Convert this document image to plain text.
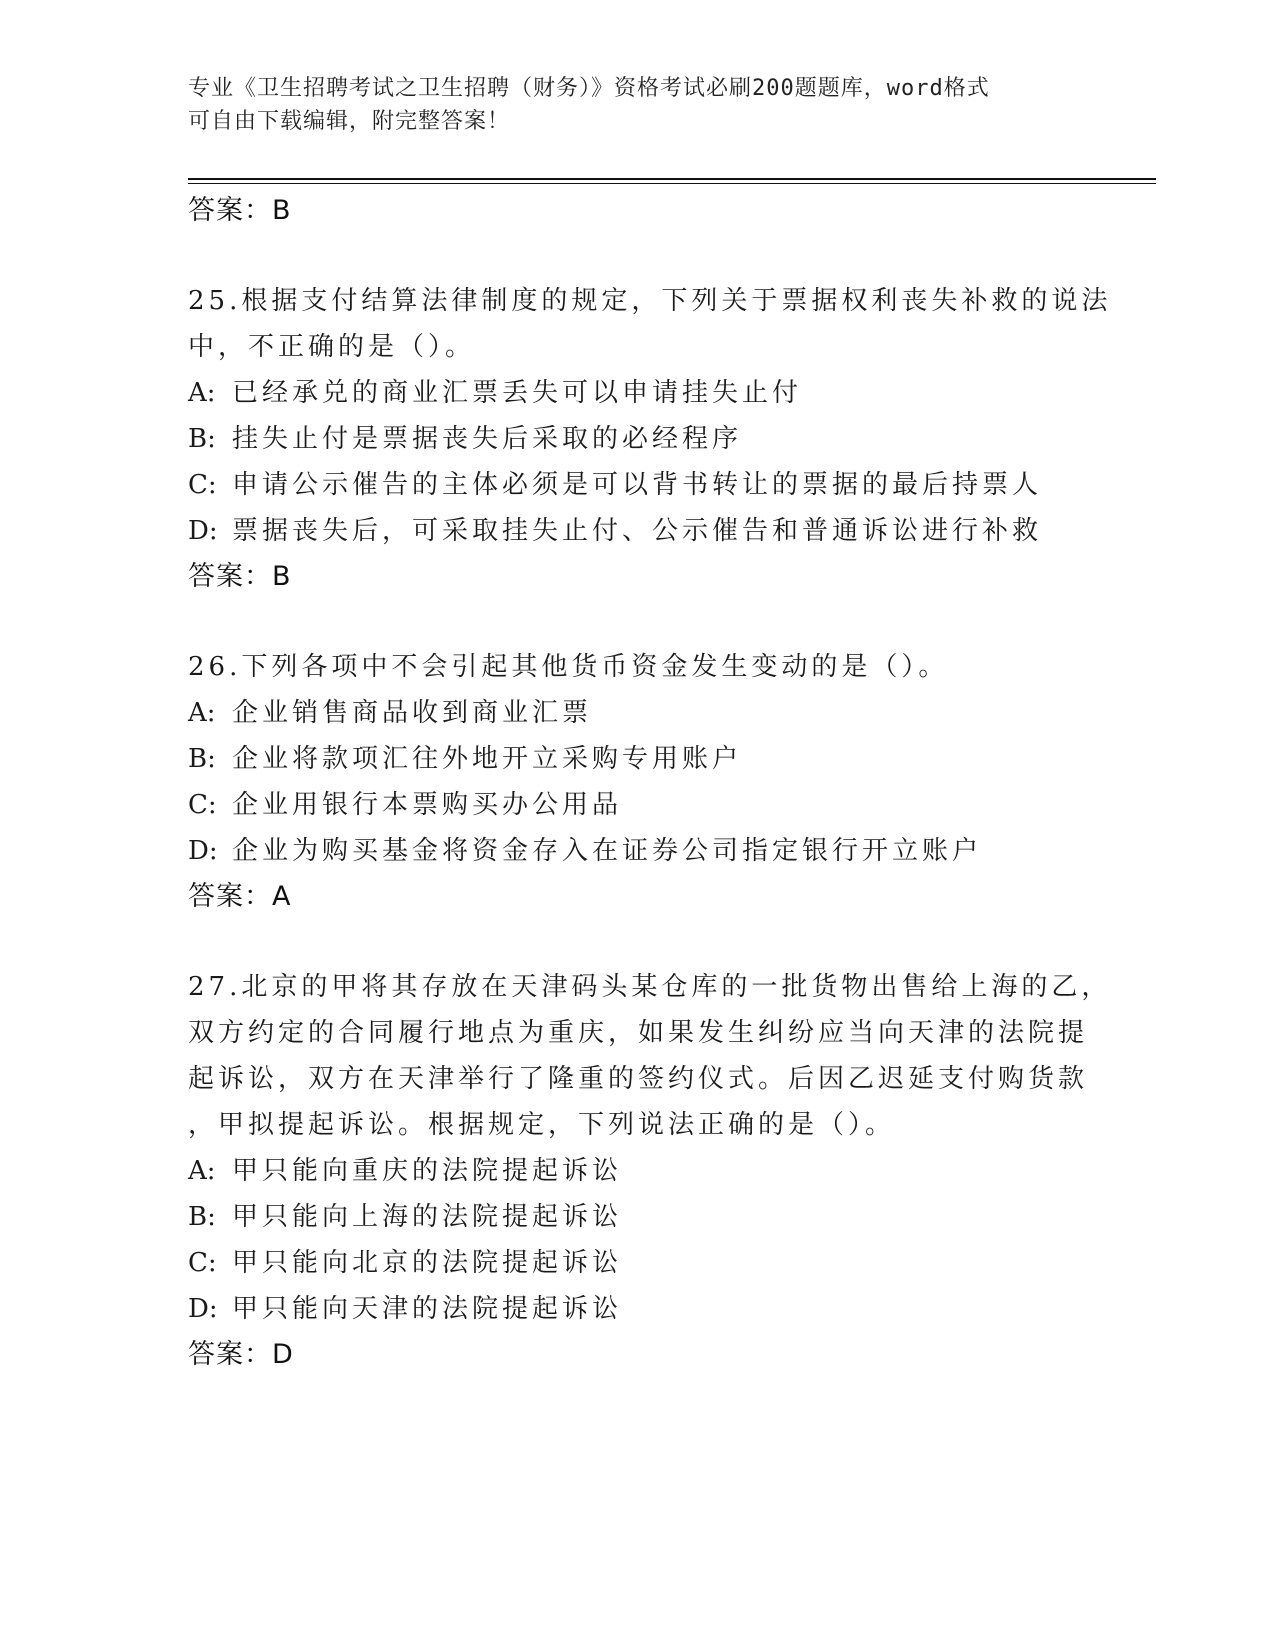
专业《卫生招聘考试之卫生招聘（财务）》资格考试必刷200题题库，word格式
可自由下载编辑，附完整答案！
答案：B
25.根据支付结算法律制度的规定，下列关于票据权利丧失补救的说法
中，不正确的是（）。
A: 已经承兑的商业汇票丢失可以申请挂失止付
B: 挂失止付是票据丧失后采取的必经程序
C: 申请公示催告的主体必须是可以背书转让的票据的最后持票人
D: 票据丧失后，可采取挂失止付、公示催告和普通诉讼进行补救
答案：B
26.下列各项中不会引起其他货币资金发生变动的是（）。
A: 企业销售商品收到商业汇票
B: 企业将款项汇往外地开立采购专用账户
C: 企业用银行本票购买办公用品
D: 企业为购买基金将资金存入在证券公司指定银行开立账户
答案：A
27.北京的甲将其存放在天津码头某仓库的一批货物出售给上海的乙，
双方约定的合同履行地点为重庆，如果发生纠纷应当向天津的法院提
起诉讼，双方在天津举行了隆重的签约仪式。后因乙迟延支付购货款
，甲拟提起诉讼。根据规定，下列说法正确的是（）。
A: 甲只能向重庆的法院提起诉讼
B: 甲只能向上海的法院提起诉讼
C: 甲只能向北京的法院提起诉讼
D: 甲只能向天津的法院提起诉讼
答案：D
